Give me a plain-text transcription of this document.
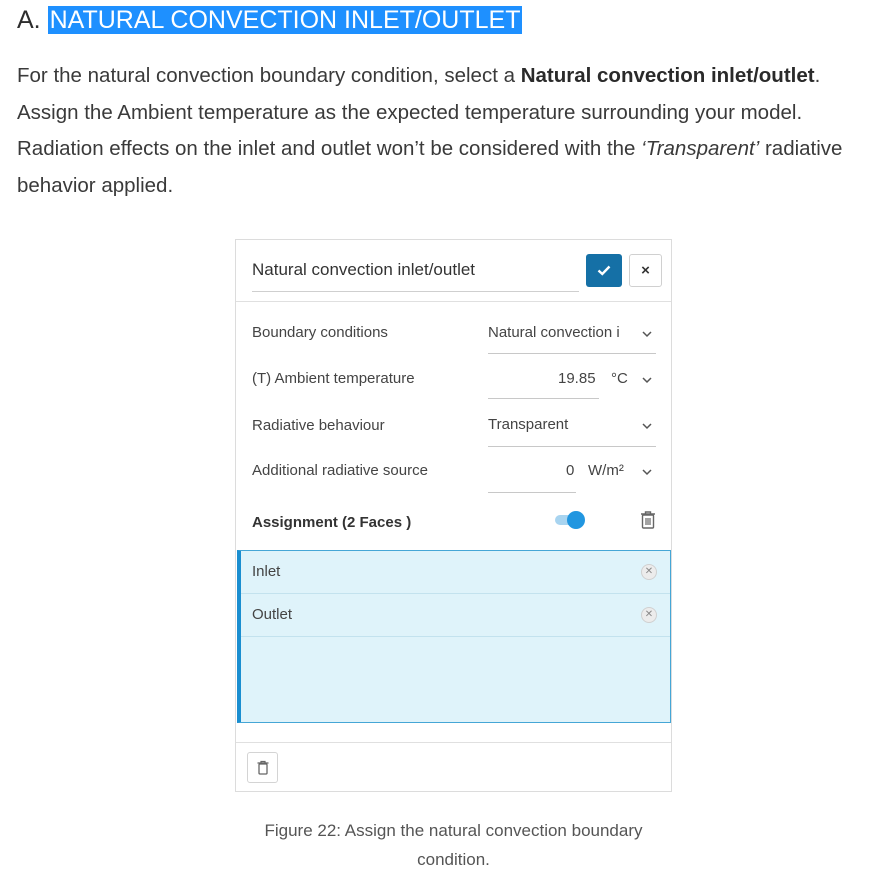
A. NATURAL CONVECTION INLET/OUTLET
For the natural convection boundary condition, select a Natural convection inlet/outlet. Assign the Ambient temperature as the expected temperature surrounding your model. Radiation effects on the inlet and outlet won’t be considered with the ‘Transparent’ radiative behavior applied.
Natural convection inlet/outlet	×
Boundary conditions	Natural convection i
(T) Ambient temperature	19.85 °C
Radiative behaviour	Transparent
Additional radiative source	0 W/m²
Assignment (2 Faces )
Inlet	✕
Outlet	✕
Figure 22: Assign the natural convection boundary condition.
